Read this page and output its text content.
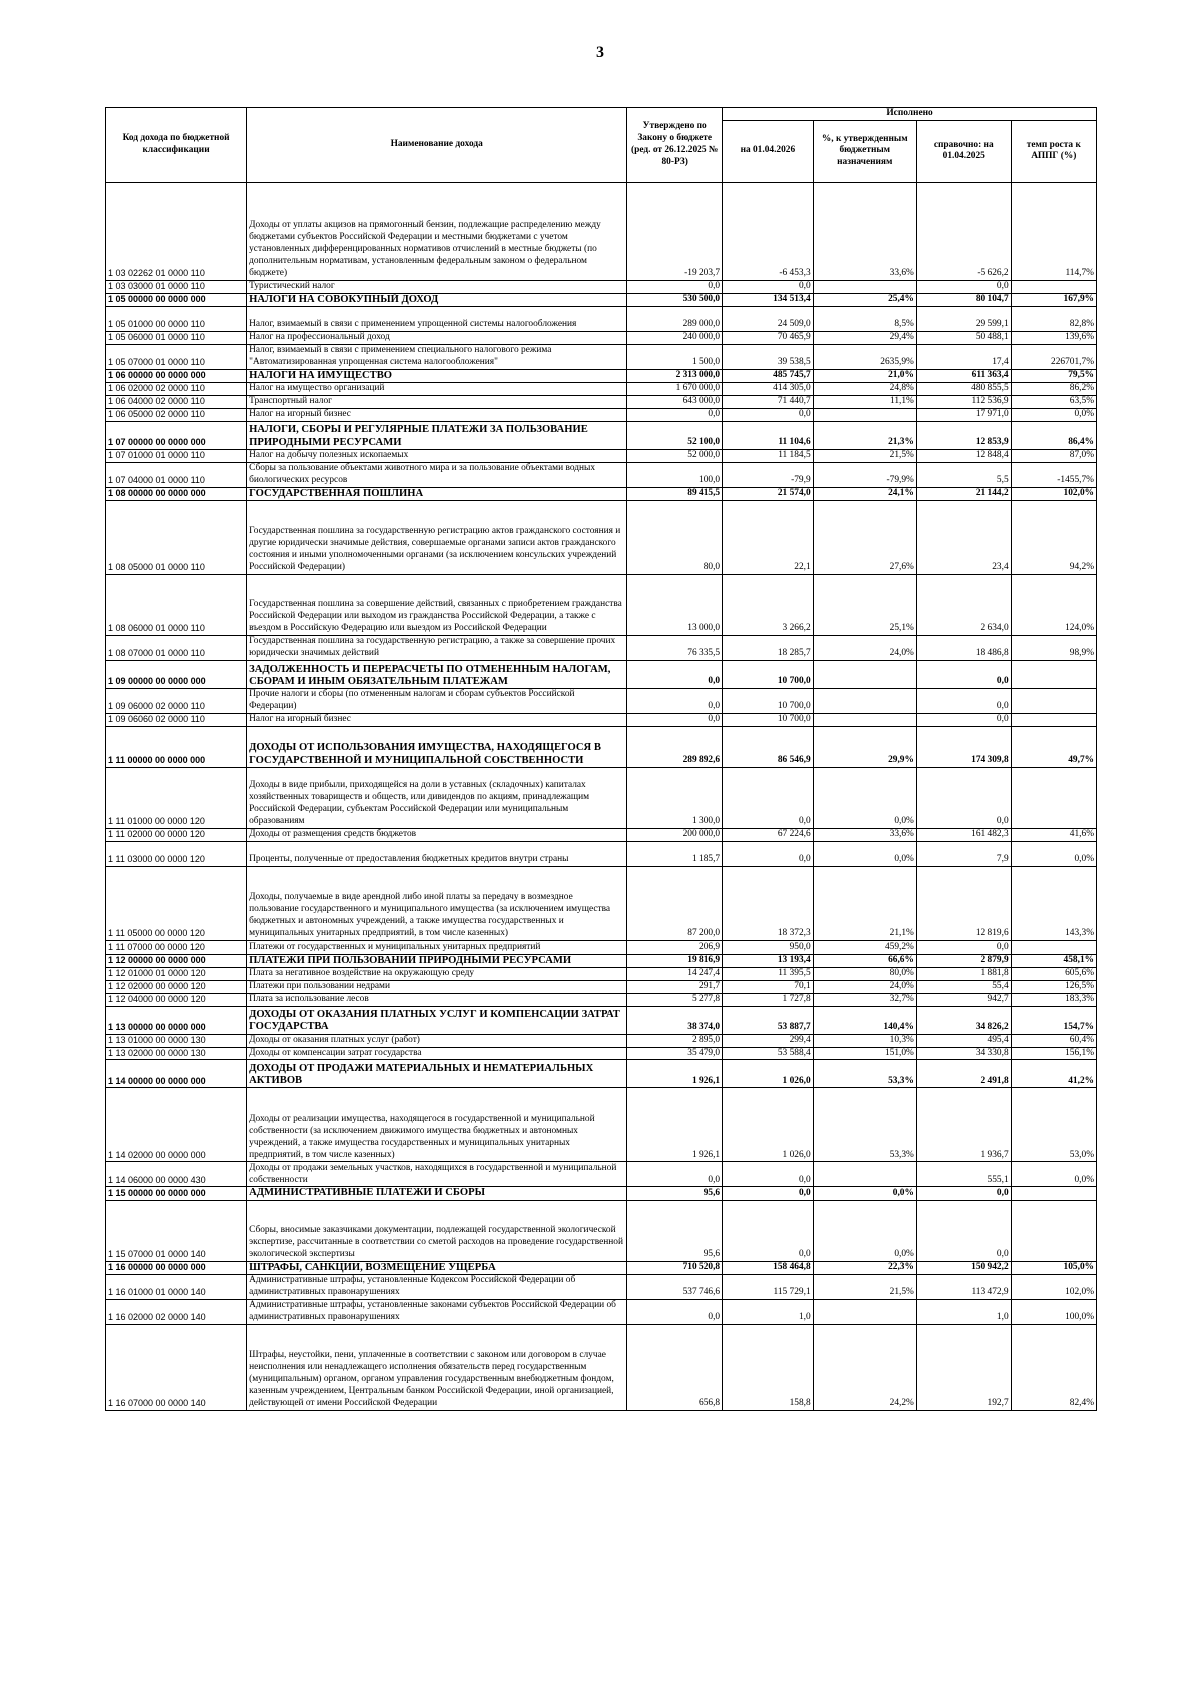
3
Код дохода по бюджетной классификации	Наименование дохода	Утверждено по Закону о бюджете (ред. от 26.12.2025 № 80-РЗ)	Исполнено			
			на 01.04.2026	%, к утвержденным бюджетным назначениям	справочно: на 01.04.2025	темп роста к АППГ (%)
1 03 02262 01 0000 110	Доходы от уплаты акцизов на прямогонный бензин, подлежащие распределению между бюджетами субъектов Российской Федерации и местными бюджетами с учетом установленных дифференцированных нормативов отчислений в местные бюджеты (по дополнительным нормативам, установленным федеральным законом о федеральном бюджете)	-19 203,7	-6 453,3	33,6%	-5 626,2	114,7%
1 03 03000 01 0000 110	Туристический налог	0,0	0,0		0,0	
1 05 00000 00 0000 000	НАЛОГИ НА СОВОКУПНЫЙ ДОХОД	530 500,0	134 513,4	25,4%	80 104,7	167,9%
1 05 01000 00 0000 110	Налог, взимаемый в связи с применением упрощенной системы налогообложения	289 000,0	24 509,0	8,5%	29 599,1	82,8%
1 05 06000 01 0000 110	Налог на профессиональный доход	240 000,0	70 465,9	29,4%	50 488,1	139,6%
1 05 07000 01 0000 110	Налог, взимаемый в связи с применением специального налогового режима "Автоматизированная упрощенная система налогообложения"	1 500,0	39 538,5	2635,9%	17,4	226701,7%
1 06 00000 00 0000 000	НАЛОГИ НА ИМУЩЕСТВО	2 313 000,0	485 745,7	21,0%	611 363,4	79,5%
1 06 02000 02 0000 110	Налог на имущество организаций	1 670 000,0	414 305,0	24,8%	480 855,5	86,2%
1 06 04000 02 0000 110	Транспортный налог	643 000,0	71 440,7	11,1%	112 536,9	63,5%
1 06 05000 02 0000 110	Налог на игорный бизнес	0,0	0,0		17 971,0	0,0%
1 07 00000 00 0000 000	НАЛОГИ, СБОРЫ И РЕГУЛЯРНЫЕ ПЛАТЕЖИ ЗА ПОЛЬЗОВАНИЕ ПРИРОДНЫМИ РЕСУРСАМИ	52 100,0	11 104,6	21,3%	12 853,9	86,4%
1 07 01000 01 0000 110	Налог на добычу полезных ископаемых	52 000,0	11 184,5	21,5%	12 848,4	87,0%
1 07 04000 01 0000 110	Сборы за пользование объектами животного мира и за пользование объектами водных биологических ресурсов	100,0	-79,9	-79,9%	5,5	-1455,7%
1 08 00000 00 0000 000	ГОСУДАРСТВЕННАЯ ПОШЛИНА	89 415,5	21 574,0	24,1%	21 144,2	102,0%
1 08 05000 01 0000 110	Государственная пошлина за государственную регистрацию актов гражданского состояния и другие юридически значимые действия, совершаемые органами записи актов гражданского состояния и иными уполномоченными органами (за исключением консульских учреждений Российской Федерации)	80,0	22,1	27,6%	23,4	94,2%
1 08 06000 01 0000 110	Государственная пошлина за совершение действий, связанных с приобретением гражданства Российской Федерации или выходом из гражданства Российской Федерации, а также с въездом в Российскую Федерацию или выездом из Российской Федерации	13 000,0	3 266,2	25,1%	2 634,0	124,0%
1 08 07000 01 0000 110	Государственная пошлина за государственную регистрацию, а также за совершение прочих юридически значимых действий	76 335,5	18 285,7	24,0%	18 486,8	98,9%
1 09 00000 00 0000 000	ЗАДОЛЖЕННОСТЬ И ПЕРЕРАСЧЕТЫ ПО ОТМЕНЕННЫМ НАЛОГАМ, СБОРАМ И ИНЫМ ОБЯЗАТЕЛЬНЫМ ПЛАТЕЖАМ	0,0	10 700,0		0,0	
1 09 06000 02 0000 110	Прочие налоги и сборы (по отмененным налогам и сборам субъектов Российской Федерации)	0,0	10 700,0		0,0	
1 09 06060 02 0000 110	Налог на игорный бизнес	0,0	10 700,0		0,0	
1 11 00000 00 0000 000	ДОХОДЫ ОТ ИСПОЛЬЗОВАНИЯ ИМУЩЕСТВА, НАХОДЯЩЕГОСЯ В ГОСУДАРСТВЕННОЙ И МУНИЦИПАЛЬНОЙ СОБСТВЕННОСТИ	289 892,6	86 546,9	29,9%	174 309,8	49,7%
1 11 01000 00 0000 120	Доходы в виде прибыли, приходящейся на доли в уставных (складочных) капиталах хозяйственных товариществ и обществ, или дивидендов по акциям, принадлежащим Российской Федерации, субъектам Российской Федерации или муниципальным образованиям	1 300,0	0,0	0,0%	0,0	
1 11 02000 00 0000 120	Доходы от размещения средств бюджетов	200 000,0	67 224,6	33,6%	161 482,3	41,6%
1 11 03000 00 0000 120	Проценты, полученные от предоставления бюджетных кредитов внутри страны	1 185,7	0,0	0,0%	7,9	0,0%
1 11 05000 00 0000 120	Доходы, получаемые в виде арендной либо иной платы за передачу в возмездное пользование государственного и муниципального имущества (за исключением имущества бюджетных и автономных учреждений, а также имущества государственных и муниципальных унитарных предприятий, в том числе казенных)	87 200,0	18 372,3	21,1%	12 819,6	143,3%
1 11 07000 00 0000 120	Платежи от государственных и муниципальных унитарных предприятий	206,9	950,0	459,2%	0,0	
1 12 00000 00 0000 000	ПЛАТЕЖИ ПРИ ПОЛЬЗОВАНИИ ПРИРОДНЫМИ РЕСУРСАМИ	19 816,9	13 193,4	66,6%	2 879,9	458,1%
1 12 01000 01 0000 120	Плата за негативное воздействие на окружающую среду	14 247,4	11 395,5	80,0%	1 881,8	605,6%
1 12 02000 00 0000 120	Платежи при пользовании недрами	291,7	70,1	24,0%	55,4	126,5%
1 12 04000 00 0000 120	Плата за использование лесов	5 277,8	1 727,8	32,7%	942,7	183,3%
1 13 00000 00 0000 000	ДОХОДЫ ОТ ОКАЗАНИЯ ПЛАТНЫХ УСЛУГ И КОМПЕНСАЦИИ ЗАТРАТ ГОСУДАРСТВА	38 374,0	53 887,7	140,4%	34 826,2	154,7%
1 13 01000 00 0000 130	Доходы от оказания платных услуг (работ)	2 895,0	299,4	10,3%	495,4	60,4%
1 13 02000 00 0000 130	Доходы от компенсации затрат государства	35 479,0	53 588,4	151,0%	34 330,8	156,1%
1 14 00000 00 0000 000	ДОХОДЫ ОТ ПРОДАЖИ МАТЕРИАЛЬНЫХ И НЕМАТЕРИАЛЬНЫХ АКТИВОВ	1 926,1	1 026,0	53,3%	2 491,8	41,2%
1 14 02000 00 0000 000	Доходы от реализации имущества, находящегося в государственной и муниципальной собственности (за исключением движимого имущества бюджетных и автономных учреждений, а также имущества государственных и муниципальных унитарных предприятий, в том числе казенных)	1 926,1	1 026,0	53,3%	1 936,7	53,0%
1 14 06000 00 0000 430	Доходы от продажи земельных участков, находящихся в государственной и муниципальной собственности	0,0	0,0		555,1	0,0%
1 15 00000 00 0000 000	АДМИНИСТРАТИВНЫЕ ПЛАТЕЖИ И СБОРЫ	95,6	0,0	0,0%	0,0	
1 15 07000 01 0000 140	Сборы, вносимые заказчиками документации, подлежащей государственной экологической экспертизе, рассчитанные в соответствии со сметой расходов на проведение государственной экологической экспертизы	95,6	0,0	0,0%	0,0	
1 16 00000 00 0000 000	ШТРАФЫ, САНКЦИИ, ВОЗМЕЩЕНИЕ УЩЕРБА	710 520,8	158 464,8	22,3%	150 942,2	105,0%
1 16 01000 01 0000 140	Административные штрафы, установленные Кодексом Российской Федерации об административных правонарушениях	537 746,6	115 729,1	21,5%	113 472,9	102,0%
1 16 02000 02 0000 140	Административные штрафы, установленные законами субъектов Российской Федерации об административных правонарушениях	0,0	1,0		1,0	100,0%
1 16 07000 00 0000 140	Штрафы, неустойки, пени, уплаченные в соответствии с законом или договором в случае неисполнения или ненадлежащего исполнения обязательств перед государственным (муниципальным) органом, органом управления государственным внебюджетным фондом, казенным учреждением, Центральным банком Российской Федерации, иной организацией, действующей от имени Российской Федерации	656,8	158,8	24,2%	192,7	82,4%
